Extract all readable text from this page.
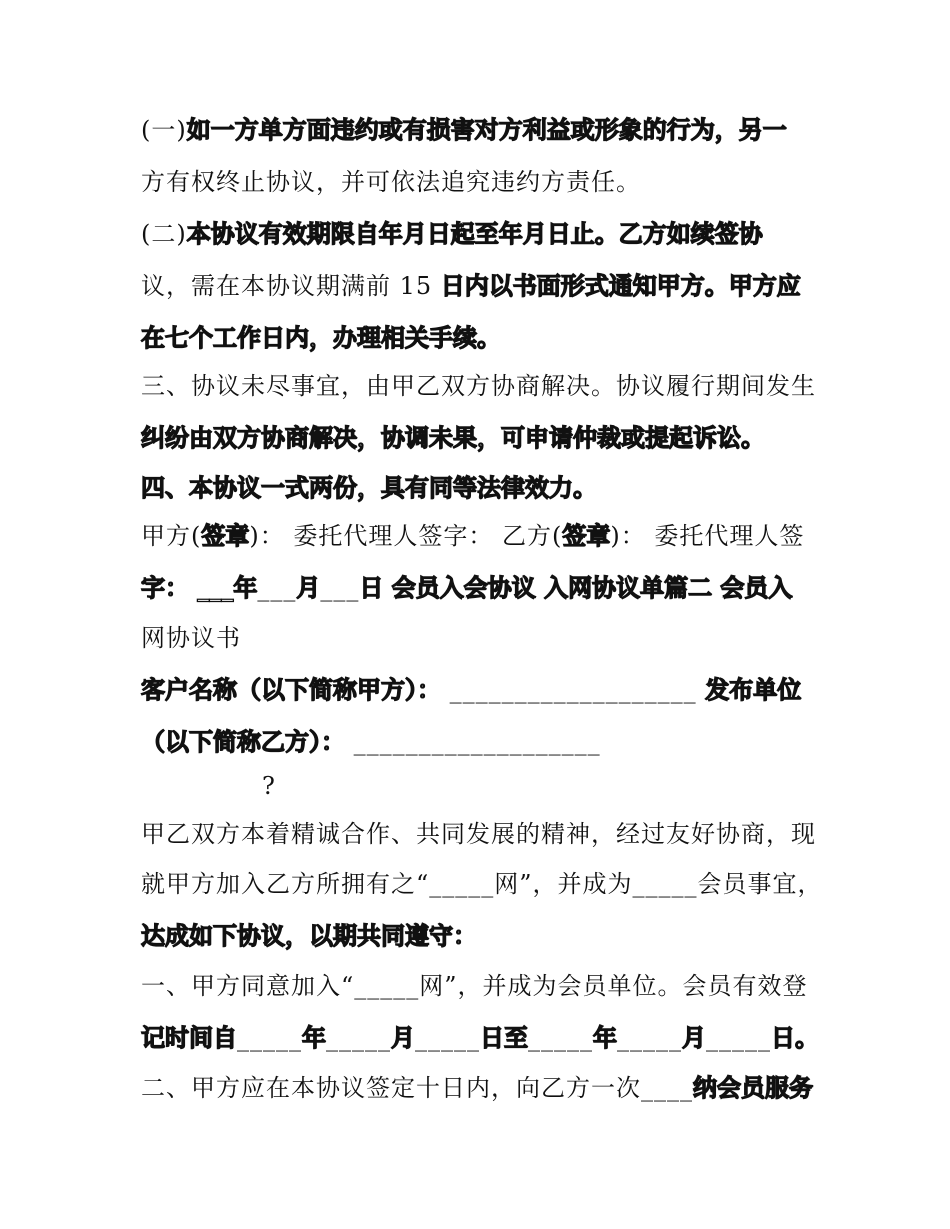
(一)如一方单方面违约或有损害对方利益或形象的行为，另一
方有权终止协议，并可依法追究违约方责任。
(二)本协议有效期限自年月日起至年月日止。乙方如续签协
议，需在本协议期满前 15 日内以书面形式通知甲方。甲方应
在七个工作日内，办理相关手续。
三、协议未尽事宜，由甲乙双方协商解决。协议履行期间发生
纠纷由双方协商解决，协调未果，可申请仲裁或提起诉讼。
四、本协议一式两份，具有同等法律效力。
甲方(签章)： 委托代理人签字： 乙方(签章)： 委托代理人签
字： ___年___月___日 会员入会协议 入网协议单篇二 会员入
网协议书
客户名称（以下简称甲方）： ___________________ 发布单位
（以下简称乙方）： ___________________
?
甲乙双方本着精诚合作、共同发展的精神，经过友好协商，现
就甲方加入乙方所拥有之“_____网”，并成为_____会员事宜，
达成如下协议，以期共同遵守：
一、甲方同意加入“_____网”，并成为会员单位。会员有效登
记时间自_____年_____月_____日至_____年_____月_____日。
二、甲方应在本协议签定十日内，向乙方一次____纳会员服务
